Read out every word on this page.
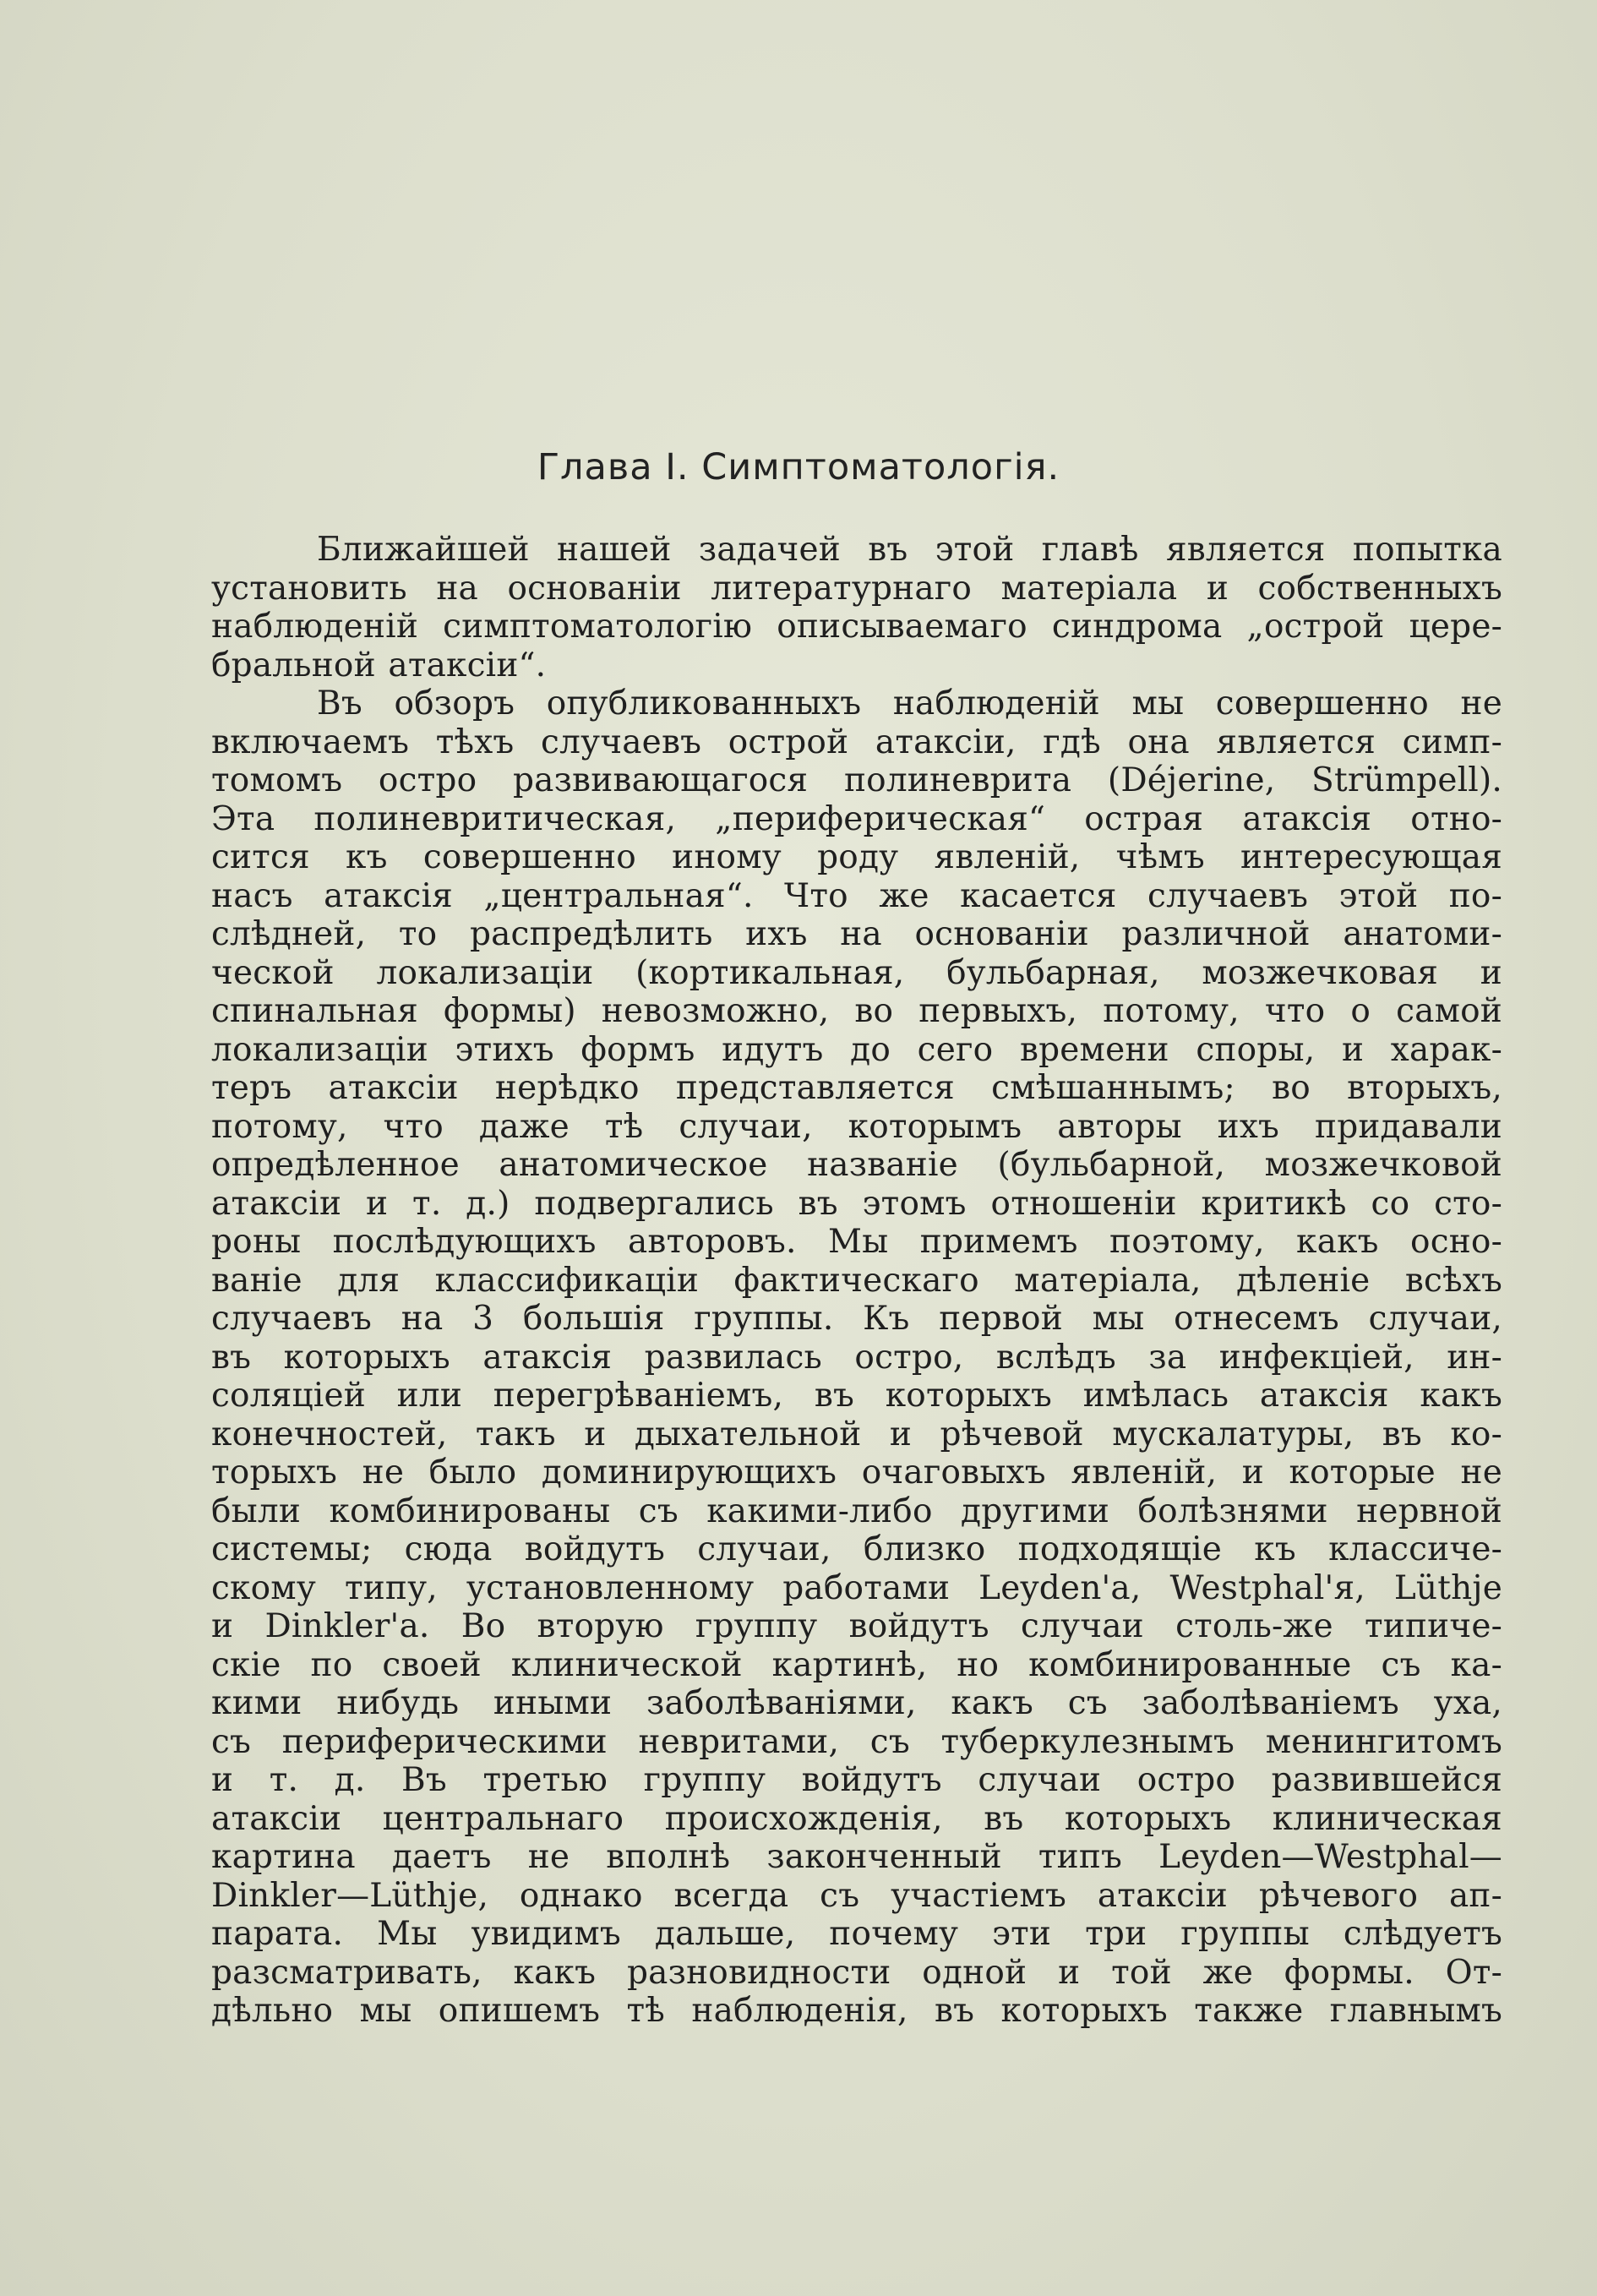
Глава I. Симптоматологія.
Ближайшей нашей задачей въ этой главѣ является попытка
установить на основаніи литературнаго матеріала и собственныхъ
наблюденій симптоматологію описываемаго синдрома „острой цере-
бральной атаксіи“.
Въ обзоръ опубликованныхъ наблюденій мы совершенно не
включаемъ тѣхъ случаевъ острой атаксіи, гдѣ она является симп-
томомъ остро развивающагося полиневрита (Déjerine, Strümpell).
Эта полиневритическая, „периферическая“ острая атаксія отно-
сится къ совершенно иному роду явленій, чѣмъ интересующая
насъ атаксія „центральная“. Что же касается случаевъ этой по-
слѣдней, то распредѣлить ихъ на основаніи различной анатоми-
ческой локализаціи (кортикальная, бульбарная, мозжечковая и
спинальная формы) невозможно, во первыхъ, потому, что о самой
локализаціи этихъ формъ идутъ до сего времени споры, и харак-
теръ атаксіи нерѣдко представляется смѣшаннымъ; во вторыхъ,
потому, что даже тѣ случаи, которымъ авторы ихъ придавали
опредѣленное анатомическое названіе (бульбарной, мозжечковой
атаксіи и т. д.) подвергались въ этомъ отношеніи критикѣ со сто-
роны послѣдующихъ авторовъ. Мы примемъ поэтому, какъ осно-
ваніе для классификаціи фактическаго матеріала, дѣленіе всѣхъ
случаевъ на 3 большія группы. Къ первой мы отнесемъ случаи,
въ которыхъ атаксія развилась остро, вслѣдъ за инфекціей, ин-
соляціей или перегрѣваніемъ, въ которыхъ имѣлась атаксія какъ
конечностей, такъ и дыхательной и рѣчевой мускалатуры, въ ко-
торыхъ не было доминирующихъ очаговыхъ явленій, и которые не
были комбинированы съ какими-либо другими болѣзнями нервной
системы; сюда войдутъ случаи, близко подходящіе къ классиче-
скому типу, установленному работами Leyden'a, Westphal'я, Lüthje
и Dinkler'a. Во вторую группу войдутъ случаи столь-же типиче-
скіе по своей клинической картинѣ, но комбинированные съ ка-
кими нибудь иными заболѣваніями, какъ съ заболѣваніемъ уха,
съ периферическими невритами, съ туберкулезнымъ менингитомъ
и т. д. Въ третью группу войдутъ случаи остро развившейся
атаксіи центральнаго происхожденія, въ которыхъ клиническая
картина даетъ не вполнѣ законченный типъ Leyden—Westphal—
Dinkler—Lüthje, однако всегда съ участіемъ атаксіи рѣчевого ап-
парата. Мы увидимъ дальше, почему эти три группы слѣдуетъ
разсматривать, какъ разновидности одной и той же формы. От-
дѣльно мы опишемъ тѣ наблюденія, въ которыхъ также главнымъ
